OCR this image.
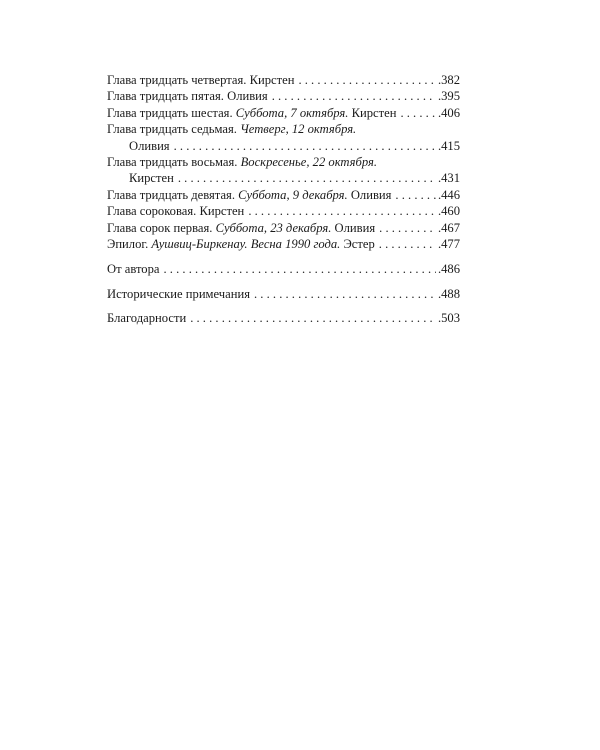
Глава тридцать четвертая. Кирстен . . .	.382
Глава тридцать пятая. Оливия . . .	.395
Глава тридцать шестая. Суббота, 7 октября. Кирстен . . .	.406
Глава тридцать седьмая. Четверг, 12 октября.
Оливия . . .	.415
Глава тридцать восьмая. Воскресенье, 22 октября.
Кирстен . . .	.431
Глава тридцать девятая. Суббота, 9 декабря. Оливия . . .	.446
Глава сороковая. Кирстен . . .	.460
Глава сорок первая. Суббота, 23 декабря. Оливия . . .	.467
Эпилог. Аушвиц-Биркенау. Весна 1990 года. Эстер . . .	.477
От автора . . .	.486
Исторические примечания . . .	.488
Благодарности . . .	.503
